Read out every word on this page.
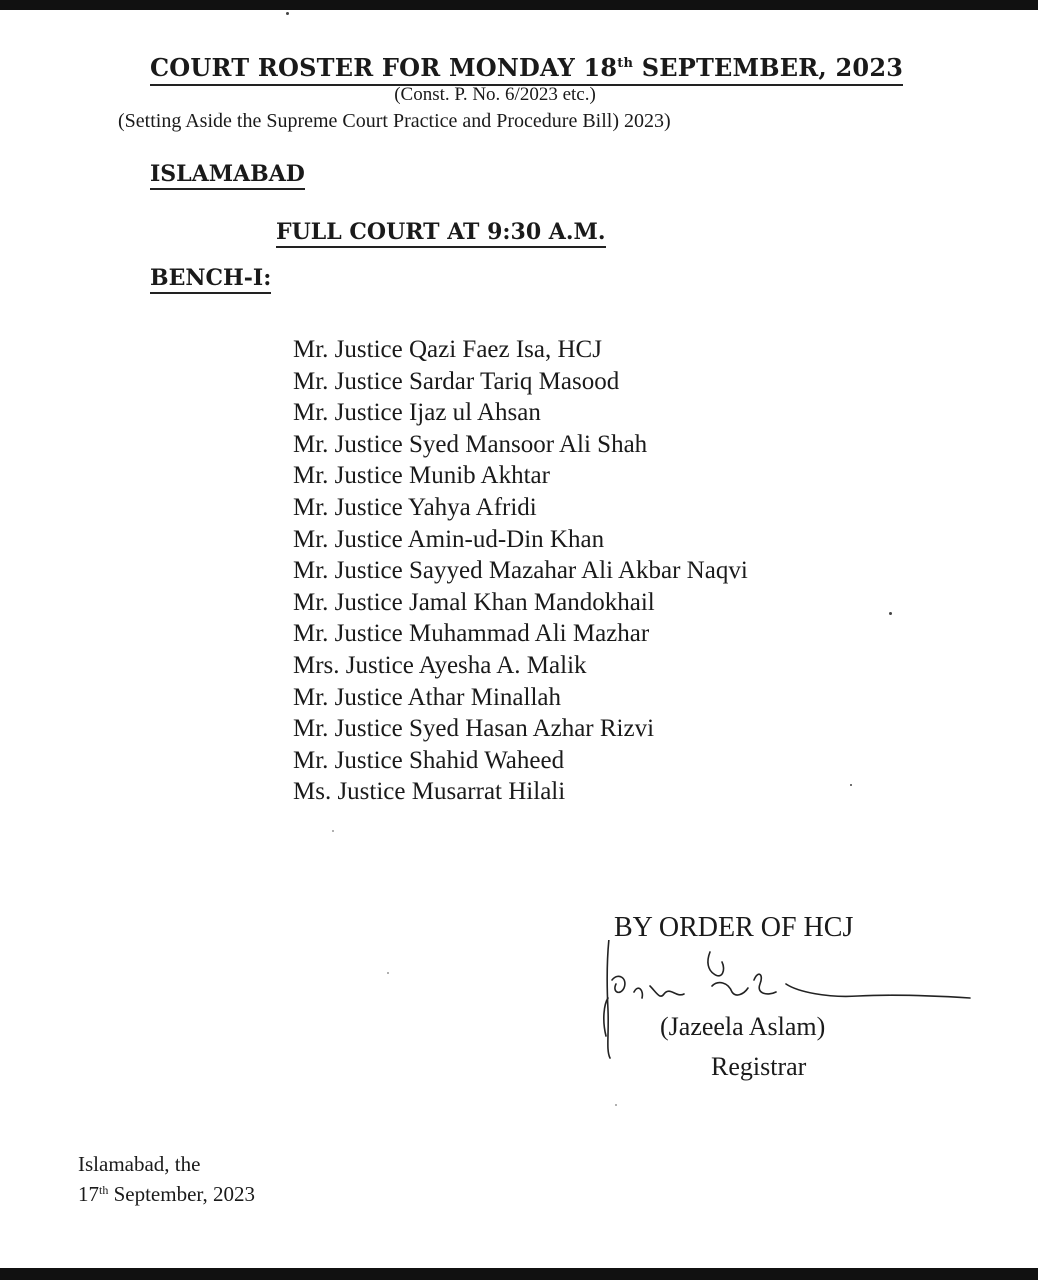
COURT ROSTER FOR MONDAY 18th SEPTEMBER, 2023
(Const. P. No. 6/2023 etc.)
(Setting Aside the Supreme Court Practice and Procedure Bill) 2023)
ISLAMABAD
FULL COURT AT 9:30 A.M.
BENCH-I:
Mr. Justice Qazi Faez Isa, HCJ
Mr. Justice Sardar Tariq Masood
Mr. Justice Ijaz ul Ahsan
Mr. Justice Syed Mansoor Ali Shah
Mr. Justice Munib Akhtar
Mr. Justice Yahya Afridi
Mr. Justice Amin-ud-Din Khan
Mr. Justice Sayyed Mazahar Ali Akbar Naqvi
Mr. Justice Jamal Khan Mandokhail
Mr. Justice Muhammad Ali Mazhar
Mrs. Justice Ayesha A. Malik
Mr. Justice Athar Minallah
Mr. Justice Syed Hasan Azhar Rizvi
Mr. Justice Shahid Waheed
Ms. Justice Musarrat Hilali
BY ORDER OF HCJ
(Jazeela Aslam)
Registrar
Islamabad, the
17th September, 2023
